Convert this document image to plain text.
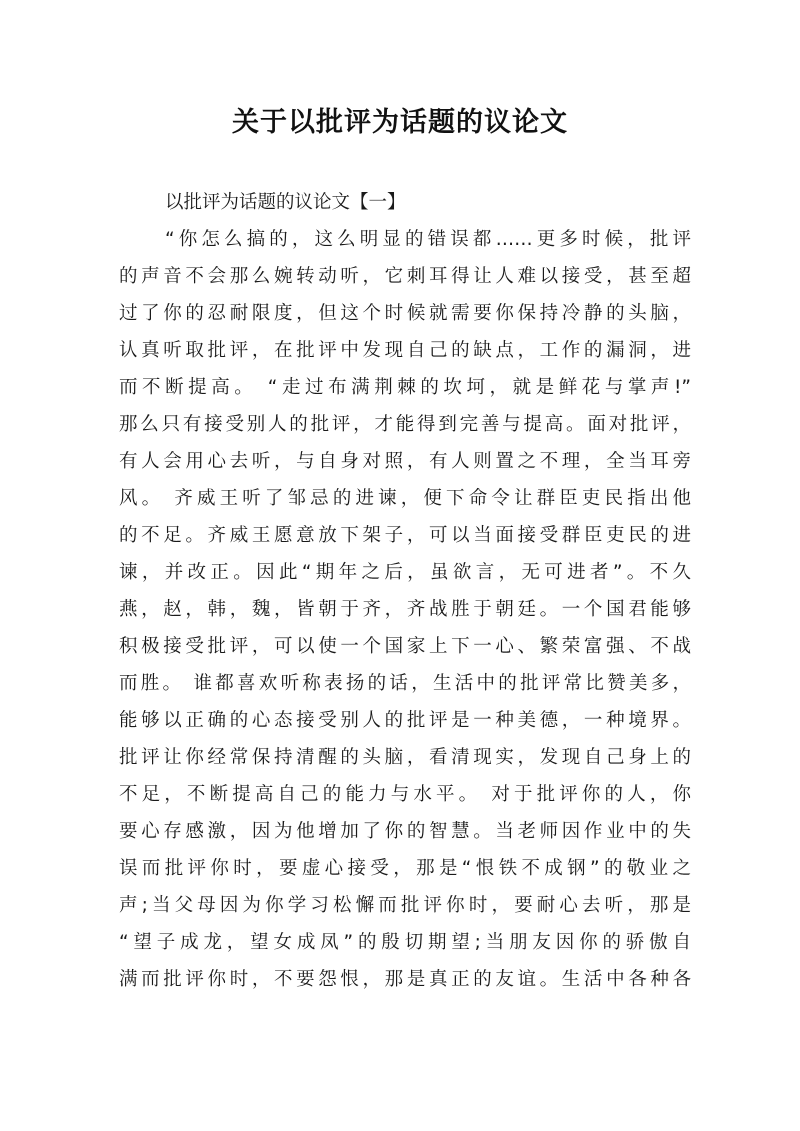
关于以批评为话题的议论文
以批评为话题的议论文【一】
“你怎么搞的，这么明显的错误都……更多时候，批评
的声音不会那么婉转动听，它刺耳得让人难以接受，甚至超
过了你的忍耐限度，但这个时候就需要你保持冷静的头脑，
认真听取批评，在批评中发现自己的缺点，工作的漏洞，进
而不断提高。 “走过布满荆棘的坎坷，就是鲜花与掌声!”
那么只有接受别人的批评，才能得到完善与提高。面对批评，
有人会用心去听，与自身对照，有人则置之不理，全当耳旁
风。 齐威王听了邹忌的进谏，便下命令让群臣吏民指出他
的不足。齐威王愿意放下架子，可以当面接受群臣吏民的进
谏，并改正。因此“期年之后，虽欲言，无可进者”。不久
燕，赵，韩，魏，皆朝于齐，齐战胜于朝廷。一个国君能够
积极接受批评，可以使一个国家上下一心、繁荣富强、不战
而胜。 谁都喜欢听称表扬的话，生活中的批评常比赞美多，
能够以正确的心态接受别人的批评是一种美德，一种境界。
批评让你经常保持清醒的头脑，看清现实，发现自己身上的
不足，不断提高自己的能力与水平。 对于批评你的人，你
要心存感激，因为他增加了你的智慧。当老师因作业中的失
误而批评你时，要虚心接受，那是“恨铁不成钢”的敬业之
声;当父母因为你学习松懈而批评你时，要耐心去听，那是
“望子成龙，望女成凤”的殷切期望;当朋友因你的骄傲自
满而批评你时，不要怨恨，那是真正的友谊。生活中各种各
